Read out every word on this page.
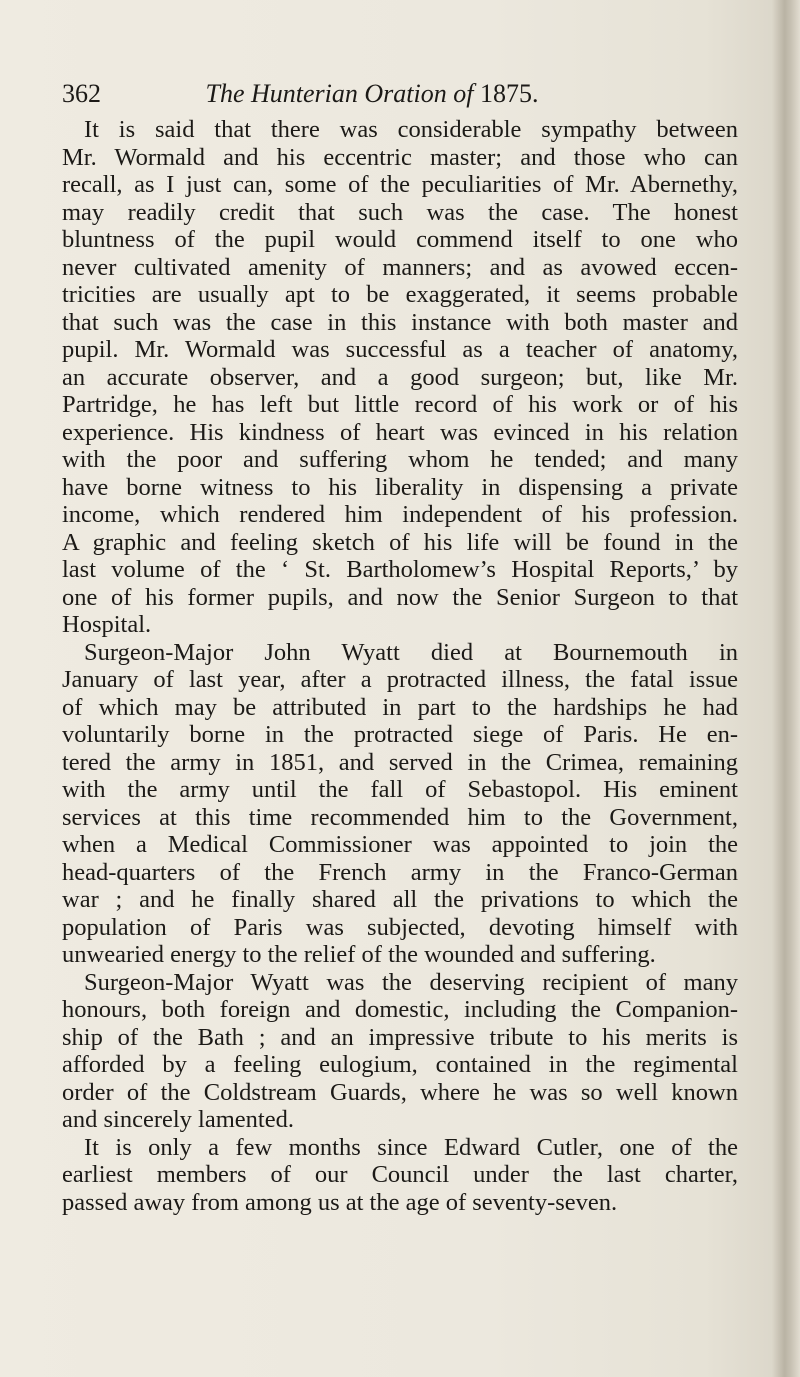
362	The Hunterian Oration of 1875.
It is said that there was considerable sympathy between
Mr. Wormald and his eccentric master; and those who can
recall, as I just can, some of the peculiarities of Mr. Abernethy,
may readily credit that such was the case. The honest
bluntness of the pupil would commend itself to one who
never cultivated amenity of manners; and as avowed eccen-
tricities are usually apt to be exaggerated, it seems probable
that such was the case in this instance with both master and
pupil. Mr. Wormald was successful as a teacher of anatomy,
an accurate observer, and a good surgeon; but, like Mr.
Partridge, he has left but little record of his work or of his
experience. His kindness of heart was evinced in his relation
with the poor and suffering whom he tended; and many
have borne witness to his liberality in dispensing a private
income, which rendered him independent of his profession.
A graphic and feeling sketch of his life will be found in the
last volume of the ‘ St. Bartholomew’s Hospital Reports,’ by
one of his former pupils, and now the Senior Surgeon to that
Hospital.
Surgeon-Major John Wyatt died at Bournemouth in
January of last year, after a protracted illness, the fatal issue
of which may be attributed in part to the hardships he had
voluntarily borne in the protracted siege of Paris. He en-
tered the army in 1851, and served in the Crimea, remaining
with the army until the fall of Sebastopol. His eminent
services at this time recommended him to the Government,
when a Medical Commissioner was appointed to join the
head-quarters of the French army in the Franco-German
war ; and he finally shared all the privations to which the
population of Paris was subjected, devoting himself with
unwearied energy to the relief of the wounded and suffering.
Surgeon-Major Wyatt was the deserving recipient of many
honours, both foreign and domestic, including the Companion-
ship of the Bath ; and an impressive tribute to his merits is
afforded by a feeling eulogium, contained in the regimental
order of the Coldstream Guards, where he was so well known
and sincerely lamented.
It is only a few months since Edward Cutler, one of the
earliest members of our Council under the last charter,
passed away from among us at the age of seventy-seven.
